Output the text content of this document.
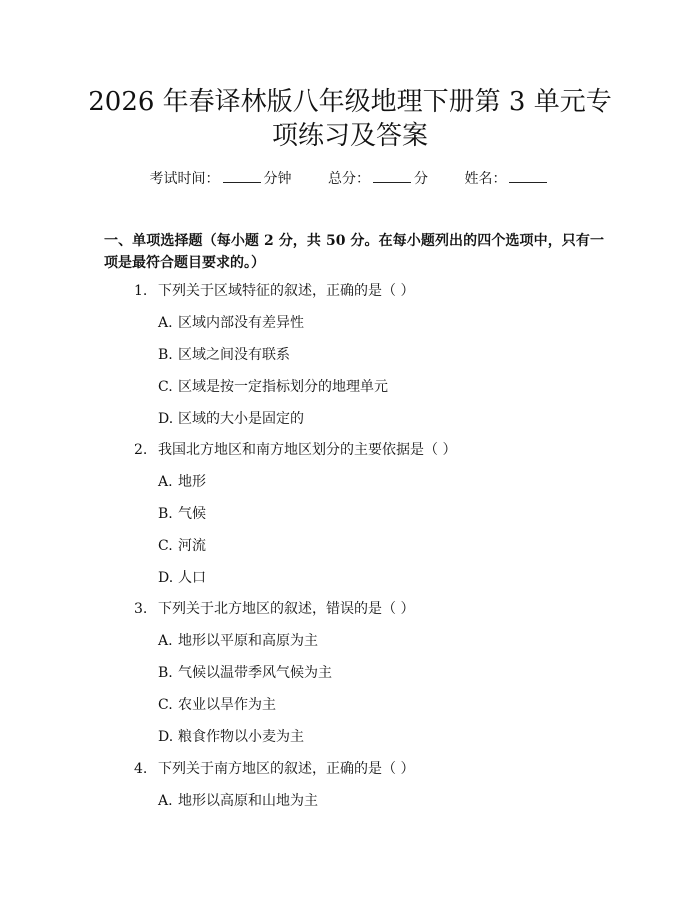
2026 年春译林版八年级地理下册第 3 单元专
项练习及答案
考试时间：	分钟	总分：	分	姓名：

一、单项选择题（每小题 2 分，共 50 分。在每小题列出的四个选项中，只有一项是最符合题目要求的。）

1. 下列关于区域特征的叙述，正确的是（ ）
A. 区域内部没有差异性
B. 区域之间没有联系
C. 区域是按一定指标划分的地理单元
D. 区域的大小是固定的
2. 我国北方地区和南方地区划分的主要依据是（ ）
A. 地形
B. 气候
C. 河流
D. 人口
3. 下列关于北方地区的叙述，错误的是（ ）
A. 地形以平原和高原为主
B. 气候以温带季风气候为主
C. 农业以旱作为主
D. 粮食作物以小麦为主
4. 下列关于南方地区的叙述，正确的是（ ）
A. 地形以高原和山地为主
